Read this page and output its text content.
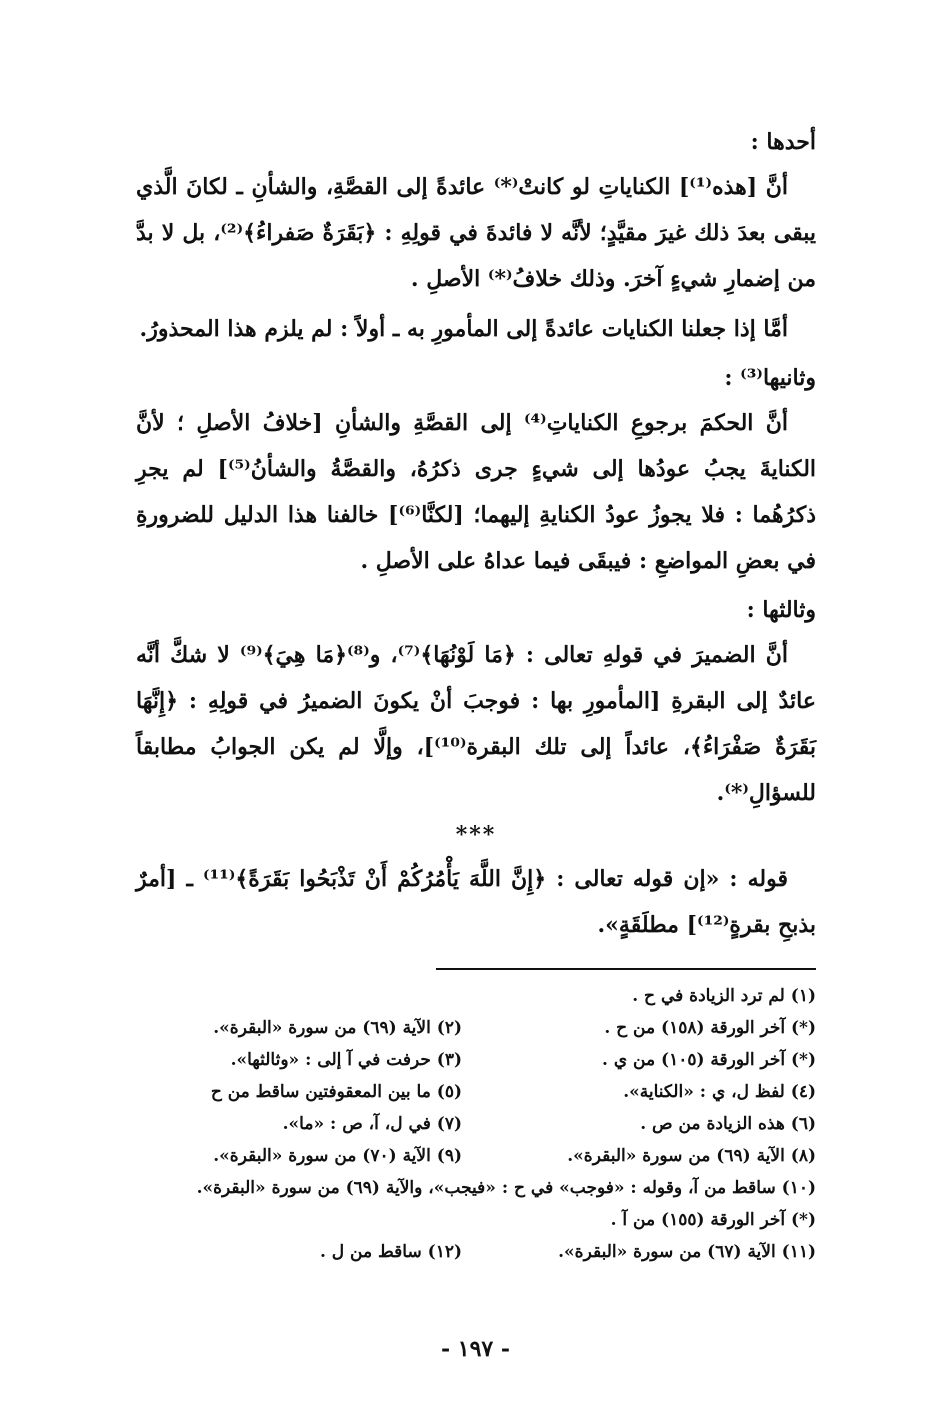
أحدها :

أنَّ [هذه⁽¹⁾] الكناياتِ لو كانتْ⁽*⁾ عائدةً إلى القصَّةِ، والشأنِ ـ لكانَ الَّذي يبقى بعدَ ذلك غيرَ مقيَّدٍ؛ لأنَّه لا فائدةَ في قولِهِ : ﴿بَقَرَةٌ صَفراءُ﴾⁽²⁾، بل لا بدَّ من إضمارِ شيءٍ آخرَ. وذلك خلافُ⁽*⁾ الأصلِ .

أمَّا إذا جعلنا الكنايات عائدةً إلى المأمورِ به ـ أولاً : لم يلزم هذا المحذورُ.

وثانيها⁽³⁾ :

أنَّ الحكمَ برجوعِ الكناياتِ⁽⁴⁾ إلى القصَّةِ والشأنِ [خلافُ الأصلِ ؛ لأنَّ الكنايةَ يجبُ عودُها إلى شيءٍ جرى ذكرُهُ، والقصَّةُ والشأنُ⁽⁵⁾] لم يجرِ ذكرُهُما : فلا يجوزُ عودُ الكنايةِ إليهما؛ [لكنَّا⁽⁶⁾] خالفنا هذا الدليل للضرورةِ في بعضِ المواضعِ : فيبقَى فيما عداهُ على الأصلِ .

وثالثها :

أنَّ الضميرَ في قولهِ تعالى : ﴿مَا لَوْنُهَا﴾⁽⁷⁾، و⁽⁸⁾﴿مَا هِيَ﴾⁽⁹⁾ لا شكَّ أنَّه عائدٌ إلى البقرةِ [المأمورِ بها : فوجبَ أنْ يكونَ الضميرُ في قولِهِ : ﴿إِنَّهَا بَقَرَةٌ صَفْرَاءُ﴾، عائداً إلى تلك البقرة⁽¹⁰⁾]، وإلَّا لم يكن الجوابُ مطابقاً للسؤالِ⁽*⁾.

***

قوله : «إن قوله تعالى : ﴿إِنَّ اللَّهَ يَأْمُرُكُمْ أَنْ تَذْبَحُوا بَقَرَةً﴾⁽¹¹⁾ ـ [أمرٌ بذبحِ بقرةٍ⁽¹²⁾] مطلَقَةٍ».

(١) لم ترد الزيادة في ح .
(*) آخر الورقة (١٥٨) من ح .
(٢) الآية (٦٩) من سورة «البقرة».
(*) آخر الورقة (١٠٥) من ي .
(٣) حرفت في آ إلى : «وثالثها».
(٤) لفظ ل، ي : «الكناية».
(٥) ما بين المعقوفتين ساقط من ح
(٦) هذه الزيادة من ص .
(٧) في ل، آ، ص : «ما».
(٨) الآية (٦٩) من سورة «البقرة».
(٩) الآية (٧٠) من سورة «البقرة».
(١٠) ساقط من آ، وقوله : «فوجب» في ح : «فيجب»، والآية (٦٩) من سورة «البقرة».
(*) آخر الورقة (١٥٥) من آ .
(١١) الآية (٦٧) من سورة «البقرة».
(١٢) ساقط من ل .
- ١٩٧ -
